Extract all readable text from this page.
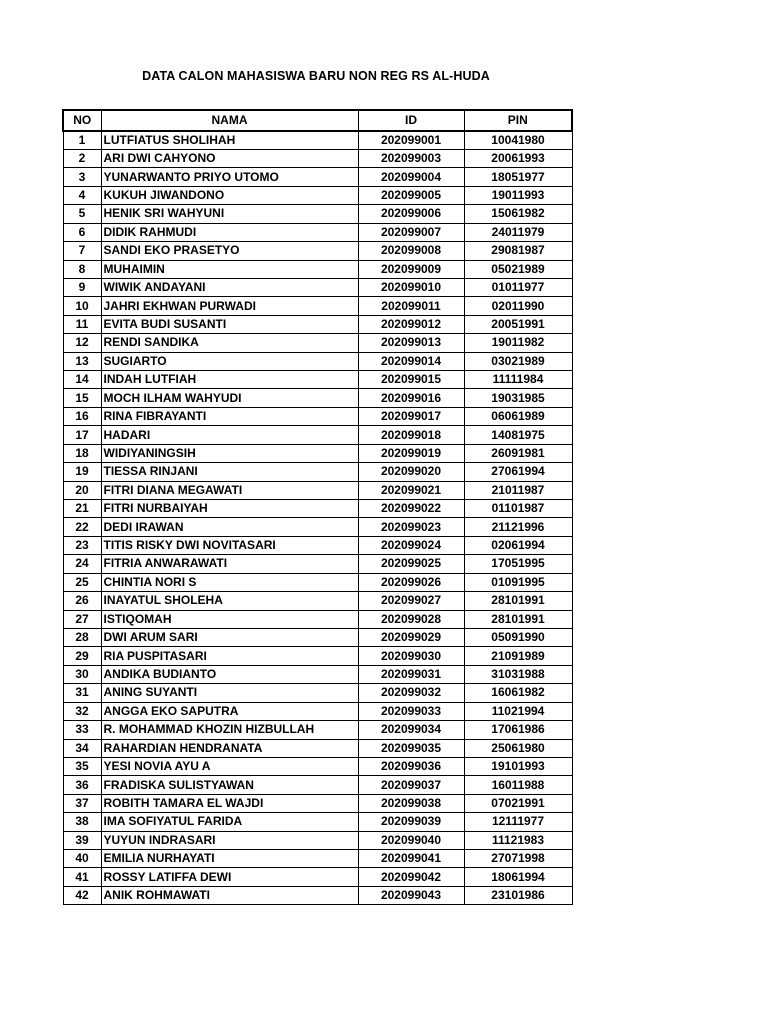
DATA CALON MAHASISWA BARU NON REG RS AL-HUDA
NO	NAMA	ID	PIN
1	LUTFIATUS SHOLIHAH	202099001	10041980
2	ARI DWI CAHYONO	202099003	20061993
3	YUNARWANTO PRIYO UTOMO	202099004	18051977
4	KUKUH JIWANDONO	202099005	19011993
5	HENIK SRI WAHYUNI	202099006	15061982
6	DIDIK RAHMUDI	202099007	24011979
7	SANDI EKO PRASETYO	202099008	29081987
8	MUHAIMIN	202099009	05021989
9	WIWIK ANDAYANI	202099010	01011977
10	JAHRI EKHWAN PURWADI	202099011	02011990
11	EVITA BUDI SUSANTI	202099012	20051991
12	RENDI SANDIKA	202099013	19011982
13	SUGIARTO	202099014	03021989
14	INDAH LUTFIAH	202099015	11111984
15	MOCH ILHAM WAHYUDI	202099016	19031985
16	RINA FIBRAYANTI	202099017	06061989
17	HADARI	202099018	14081975
18	WIDIYANINGSIH	202099019	26091981
19	TIESSA RINJANI	202099020	27061994
20	FITRI DIANA MEGAWATI	202099021	21011987
21	FITRI NURBAIYAH	202099022	01101987
22	DEDI IRAWAN	202099023	21121996
23	TITIS RISKY DWI NOVITASARI	202099024	02061994
24	FITRIA ANWARAWATI	202099025	17051995
25	CHINTIA NORI S	202099026	01091995
26	INAYATUL SHOLEHA	202099027	28101991
27	ISTIQOMAH	202099028	28101991
28	DWI ARUM SARI	202099029	05091990
29	RIA PUSPITASARI	202099030	21091989
30	ANDIKA BUDIANTO	202099031	31031988
31	ANING SUYANTI	202099032	16061982
32	ANGGA EKO SAPUTRA	202099033	11021994
33	R. MOHAMMAD KHOZIN HIZBULLAH	202099034	17061986
34	RAHARDIAN HENDRANATA	202099035	25061980
35	YESI NOVIA AYU A	202099036	19101993
36	FRADISKA SULISTYAWAN	202099037	16011988
37	ROBITH TAMARA EL WAJDI	202099038	07021991
38	IMA SOFIYATUL FARIDA	202099039	12111977
39	YUYUN INDRASARI	202099040	11121983
40	EMILIA NURHAYATI	202099041	27071998
41	ROSSY LATIFFA DEWI	202099042	18061994
42	ANIK ROHMAWATI	202099043	23101986
